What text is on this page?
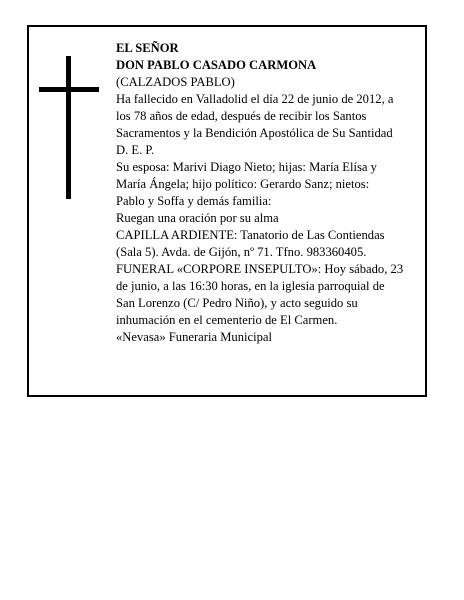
EL SEÑOR
DON PABLO CASADO CARMONA
(CALZADOS PABLO)
Ha fallecido en Valladolid el día 22 de junio de 2012, a
los 78 años de edad, después de recibir los Santos
Sacramentos y la Bendición Apostólica de Su Santidad
D. E. P.
Su esposa: Marivi Diago Nieto; hijas: María Elísa y
María Ángela; hijo político: Gerardo Sanz; nietos:
Pablo y Soffa y demás familia:
Ruegan una oración por su alma
CAPILLA ARDIENTE: Tanatorio de Las Contiendas
(Sala 5). Avda. de Gijón, nº 71. Tfno. 983360405.
FUNERAL «CORPORE INSEPULTO»: Hoy sábado, 23
de junio, a las 16:30 horas, en la iglesia parroquial de
San Lorenzo (C/ Pedro Niño), y acto seguido su
inhumación en el cementerio de El Carmen.
«Nevasa» Funeraria Municipal
